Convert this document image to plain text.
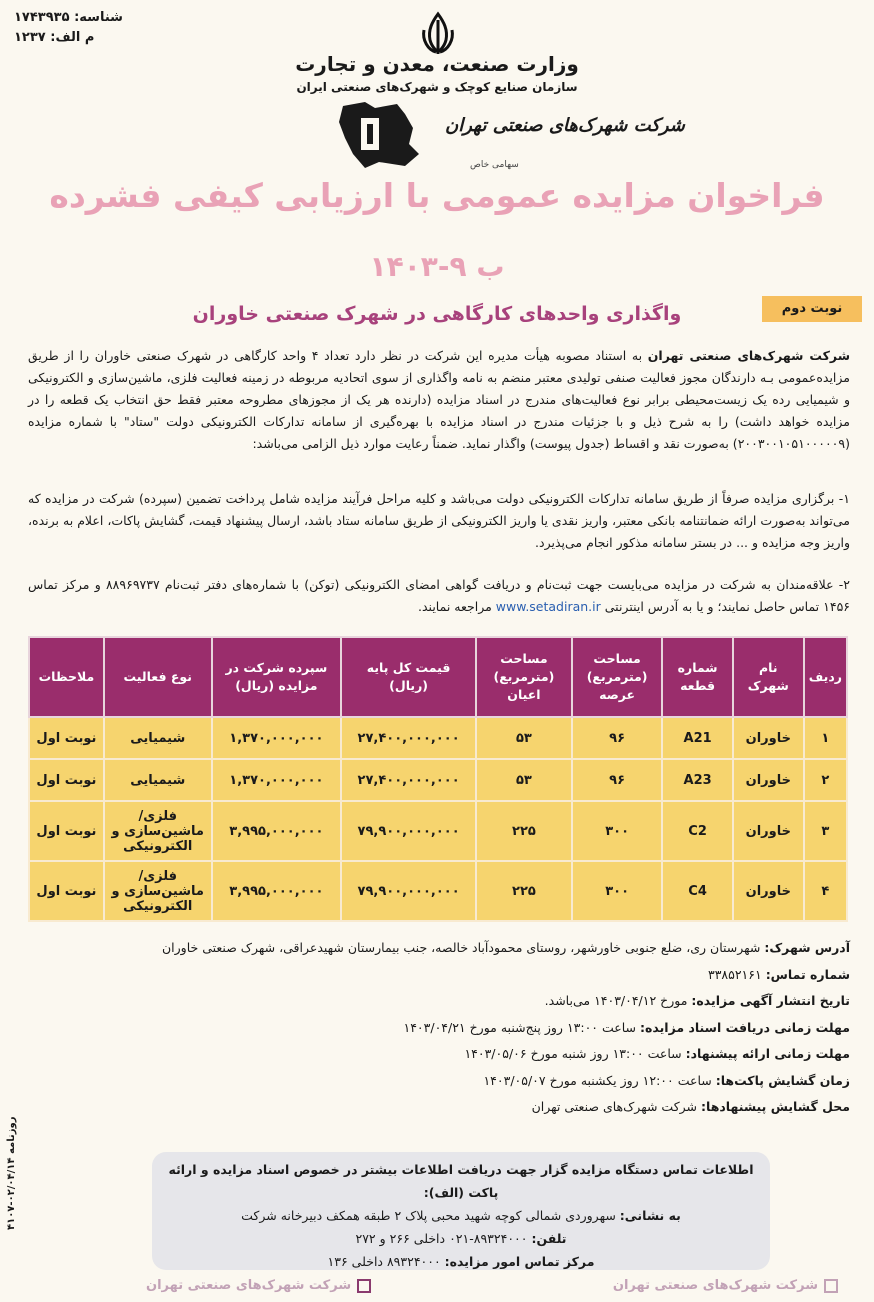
شناسه: ۱۷۴۳۹۳۵
م الف: ۱۲۳۷
وزارت صنعت، معدن و تجارت
سازمان صنایع کوچک و شهرک‌های صنعتی ایران
شرکت شهرک‌های صنعتی تهران
سهامی خاص
فراخوان مزایده عمومی با ارزیابی کیفی فشرده
ب ۹-۱۴۰۳
واگذاری واحدهای کارگاهی در شهرک صنعتی خاوران	نوبت دوم
شرکت شهرک‌های صنعتی تهران به استناد مصوبه هیأت مدیره این شرکت در نظر دارد تعداد ۴ واحد کارگاهی در شهرک صنعتی خاوران را از طریق مزایده‌عمومی بـه دارندگان مجوز فعالیت صنفی تولیدی معتبر منضم به نامه واگذاری از سوی اتحادیه مربوطه در زمینه فعالیت فلزی، ماشین‌سازی و الکترونیکی و شیمیایی رده یک زیست‌محیطی برابر نوع فعالیت‌های مندرج در اسناد مزایده (دارنده هر یک از مجوزهای مطروحه معتبر فقط حق انتخاب یک قطعه را در مزایده خواهد داشت) را به شرح ذیل و با جزئیات مندرج در اسناد مزایده با بهره‌گیری از سامانه تدارکات الکترونیکی دولت "ستاد" با شماره مزایده (۲۰۰۳۰۰۱۰۵۱۰۰۰۰۰۹) به‌صورت نقد و اقساط (جدول پیوست) واگذار نماید. ضمناً رعایت موارد ذیل الزامی می‌باشد:
۱- برگزاری مزایده صرفاً از طریق سامانه تدارکات الکترونیکی دولت می‌باشد و کلیه مراحل فرآیند مزایده شامل پرداخت تضمین (سپرده) شرکت در مزایده که می‌تواند به‌صورت ارائه ضمانتنامه بانکی معتبر، واریز نقدی یا واریز الکترونیکی از طریق سامانه ستاد باشد، ارسال پیشنهاد قیمت، گشایش پاکات، اعلام به برنده، واریز وجه مزایده و ... در بستر سامانه مذکور انجام می‌پذیرد.
۲- علاقه‌مندان به شرکت در مزایده می‌بایست جهت ثبت‌نام و دریافت گواهی امضای الکترونیکی (توکن) با شماره‌های دفتر ثبت‌نام ۸۸۹۶۹۷۳۷ و مرکز تماس ۱۴۵۶ تماس حاصل نمایند؛ و یا به آدرس اینترنتی www.setadiran.ir مراجعه نمایند.
ردیف	نام شهرک	شماره قطعه	مساحت (مترمربع) عرصه	مساحت (مترمربع) اعیان	قیمت کل پایه (ریال)	سپرده شرکت در مزایده (ریال)	نوع فعالیت	ملاحظات
۱	خاوران	A21	۹۶	۵۳	۲۷,۴۰۰,۰۰۰,۰۰۰	۱,۳۷۰,۰۰۰,۰۰۰	شیمیایی	نوبت اول
۲	خاوران	A23	۹۶	۵۳	۲۷,۴۰۰,۰۰۰,۰۰۰	۱,۳۷۰,۰۰۰,۰۰۰	شیمیایی	نوبت اول
۳	خاوران	C2	۳۰۰	۲۲۵	۷۹,۹۰۰,۰۰۰,۰۰۰	۳,۹۹۵,۰۰۰,۰۰۰	فلزی/ماشین‌سازی و الکترونیکی	نوبت اول
۴	خاوران	C4	۳۰۰	۲۲۵	۷۹,۹۰۰,۰۰۰,۰۰۰	۳,۹۹۵,۰۰۰,۰۰۰	فلزی/ماشین‌سازی و الکترونیکی	نوبت اول
آدرس شهرک: شهرستان ری، ضلع جنوبی خاورشهر، روستای محمودآباد خالصه، جنب بیمارستان شهیدعراقی، شهرک صنعتی خاوران
شماره تماس: ۳۳۸۵۲۱۶۱
تاریخ انتشار آگهی مزایده: مورخ ۱۴۰۳/۰۴/۱۲ می‌باشد.
مهلت زمانی دریافت اسناد مزایده: ساعت ۱۳:۰۰ روز پنج‌شنبه مورخ ۱۴۰۳/۰۴/۲۱
مهلت زمانی ارائه پیشنهاد: ساعت ۱۳:۰۰ روز شنبه مورخ ۱۴۰۳/۰۵/۰۶
زمان گشایش پاکت‌ها: ساعت ۱۲:۰۰ روز یکشنبه مورخ ۱۴۰۳/۰۵/۰۷
محل گشایش پیشنهادها: شرکت شهرک‌های صنعتی تهران
اطلاعات تماس دستگاه مزایده گزار جهت دریافت اطلاعات بیشتر در خصوص اسناد مزایده و ارائه پاکت (الف):
به نشانی: سهروردی شمالی کوچه شهید محبی پلاک ۲ طبقه همکف دبیرخانه شرکت
تلفن: ۸۹۳۲۴۰۰۰-۰۲۱ داخلی ۲۶۶ و ۲۷۲
مرکز تماس امور مزایده: ۸۹۳۲۴۰۰۰ داخلی ۱۳۶
شرکت شهرک‌های صنعتی تهران
شرکت شهرک‌های صنعتی تهران
روزنامه ۰۲/۰۴/۱۴-۴۱۰۷
